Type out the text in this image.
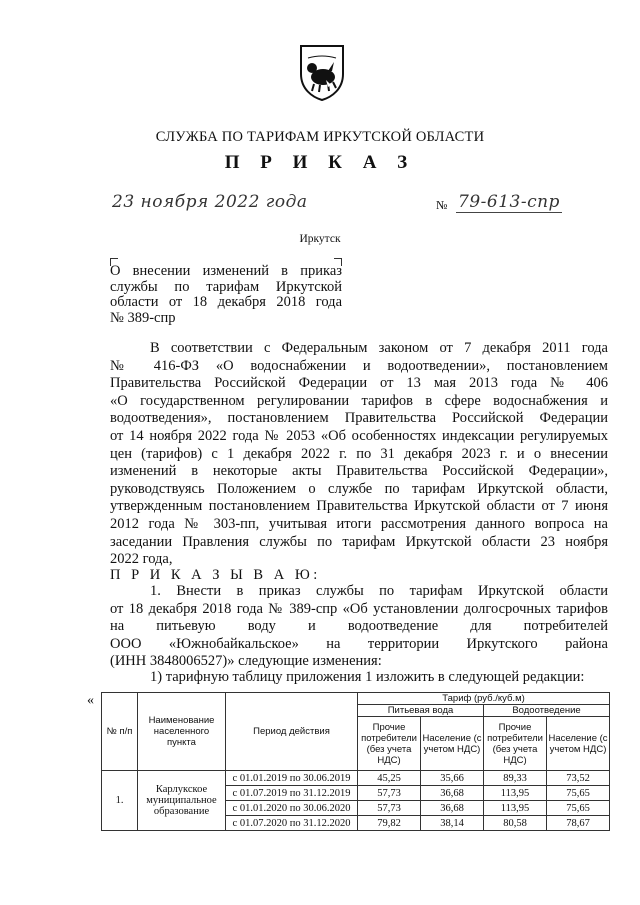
СЛУЖБА ПО ТАРИФАМ ИРКУТСКОЙ ОБЛАСТИ
П Р И К А З
23 ноября 2022 года	№ 79-613-спр
Иркутск
О внесении изменений в приказ
службы по тарифам Иркутской
области от 18 декабря 2018 года
№ 389-спр
В соответствии с Федеральным законом от 7 декабря 2011 года
№ 416-ФЗ «О водоснабжении и водоотведении», постановлением
Правительства Российской Федерации от 13 мая 2013 года № 406
«О государственном регулировании тарифов в сфере водоснабжения и
водоотведения», постановлением Правительства Российской Федерации
от 14 ноября 2022 года № 2053 «Об особенностях индексации регулируемых
цен (тарифов) с 1 декабря 2022 г. по 31 декабря 2023 г. и о внесении
изменений в некоторые акты Правительства Российской Федерации»,
руководствуясь Положением о службе по тарифам Иркутской области,
утвержденным постановлением Правительства Иркутской области от 7 июня
2012 года № 303-пп, учитывая итоги рассмотрения данного вопроса на
заседании Правления службы по тарифам Иркутской области 23 ноября
2022 года,
П Р И К А З Ы В А Ю:
1. Внести в приказ службы по тарифам Иркутской области
от 18 декабря 2018 года № 389-спр «Об установлении долгосрочных тарифов
на питьевую воду и водоотведение для потребителей
ООО «Южнобайкальское» на территории Иркутского района
(ИНН 3848006527)» следующие изменения:
1) тарифную таблицу приложения 1 изложить в следующей редакции:
«
№ п/п	Наименование населенного пункта	Период действия	Тариф (руб./куб.м)			
			Питьевая вода		Водоотведение	
			Прочие потребители (без учета НДС)	Население (с учетом НДС)	Прочие потребители (без учета НДС)	Население (с учетом НДС)
1.	Карлукское муниципальное образование	с 01.01.2019 по 30.06.2019	45,25	35,66	89,33	73,52
		с 01.07.2019 по 31.12.2019	57,73	36,68	113,95	75,65
		с 01.01.2020 по 30.06.2020	57,73	36,68	113,95	75,65
		с 01.07.2020 по 31.12.2020	79,82	38,14	80,58	78,67
